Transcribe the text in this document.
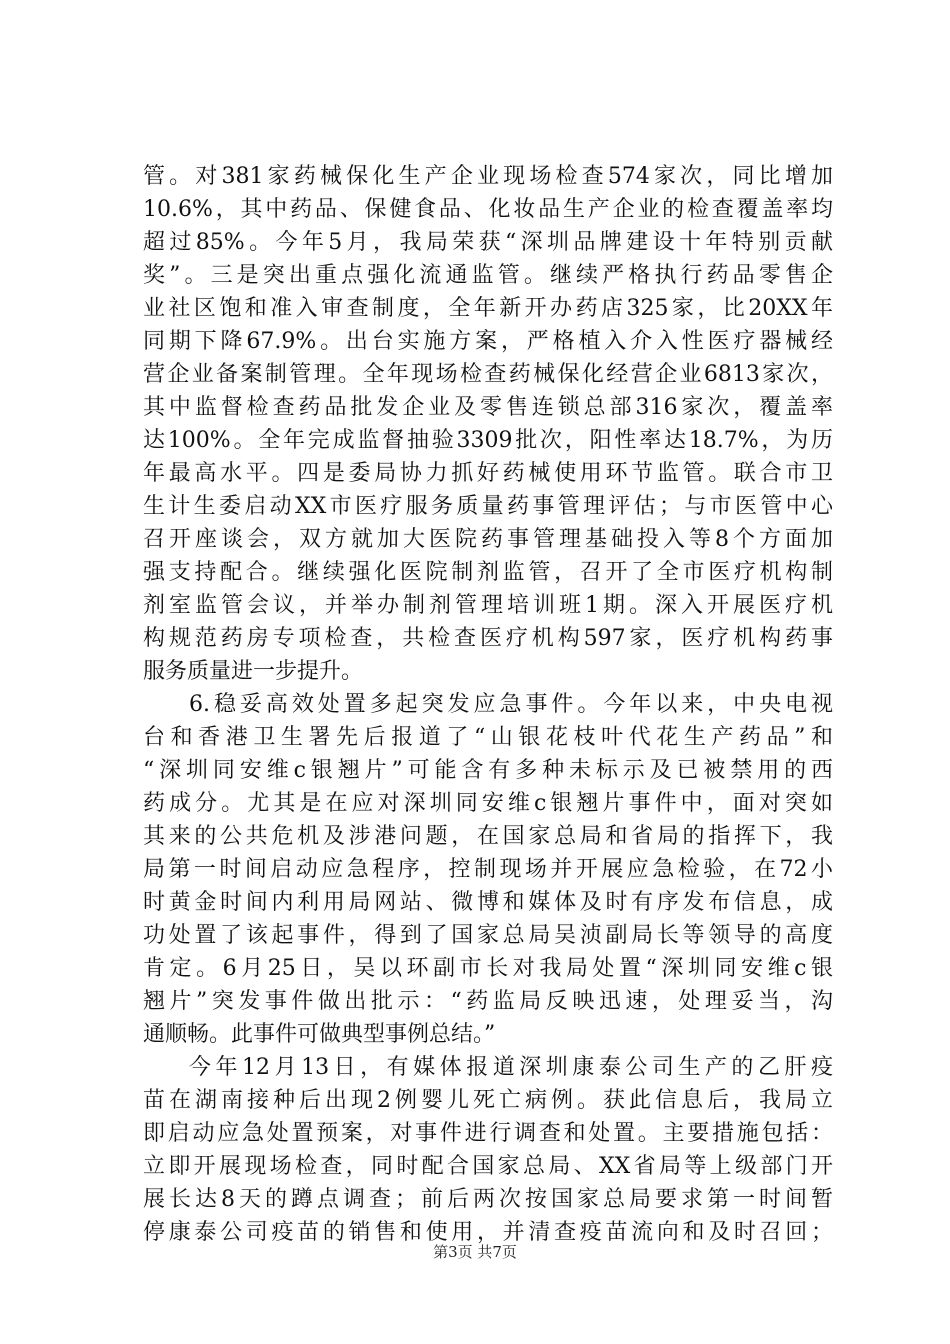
管。对381家药械保化生产企业现场检查574家次，同比增加
10.6%，其中药品、保健食品、化妆品生产企业的检查覆盖率均
超过85%。今年5月，我局荣获“深圳品牌建设十年特别贡献
奖”。三是突出重点强化流通监管。继续严格执行药品零售企
业社区饱和准入审查制度，全年新开办药店325家，比20XX年
同期下降67.9%。出台实施方案，严格植入介入性医疗器械经
营企业备案制管理。全年现场检查药械保化经营企业6813家次，
其中监督检查药品批发企业及零售连锁总部316家次，覆盖率
达100%。全年完成监督抽验3309批次，阳性率达18.7%，为历
年最高水平。四是委局协力抓好药械使用环节监管。联合市卫
生计生委启动XX市医疗服务质量药事管理评估；与市医管中心
召开座谈会，双方就加大医院药事管理基础投入等8个方面加
强支持配合。继续强化医院制剂监管，召开了全市医疗机构制
剂室监管会议，并举办制剂管理培训班1期。深入开展医疗机
构规范药房专项检查，共检查医疗机构597家，医疗机构药事
服务质量进一步提升。
6.稳妥高效处置多起突发应急事件。今年以来，中央电视
台和香港卫生署先后报道了“山银花枝叶代花生产药品”和
“深圳同安维c银翘片”可能含有多种未标示及已被禁用的西
药成分。尤其是在应对深圳同安维c银翘片事件中，面对突如
其来的公共危机及涉港问题，在国家总局和省局的指挥下，我
局第一时间启动应急程序，控制现场并开展应急检验，在72小
时黄金时间内利用局网站、微博和媒体及时有序发布信息，成
功处置了该起事件，得到了国家总局吴浈副局长等领导的高度
肯定。6月25日，吴以环副市长对我局处置“深圳同安维c银
翘片”突发事件做出批示：“药监局反映迅速，处理妥当，沟
通顺畅。此事件可做典型事例总结。”
今年12月13日，有媒体报道深圳康泰公司生产的乙肝疫
苗在湖南接种后出现2例婴儿死亡病例。获此信息后，我局立
即启动应急处置预案，对事件进行调查和处置。主要措施包括：
立即开展现场检查，同时配合国家总局、XX省局等上级部门开
展长达8天的蹲点调查；前后两次按国家总局要求第一时间暂
停康泰公司疫苗的销售和使用，并清查疫苗流向和及时召回；
第3页 共7页
